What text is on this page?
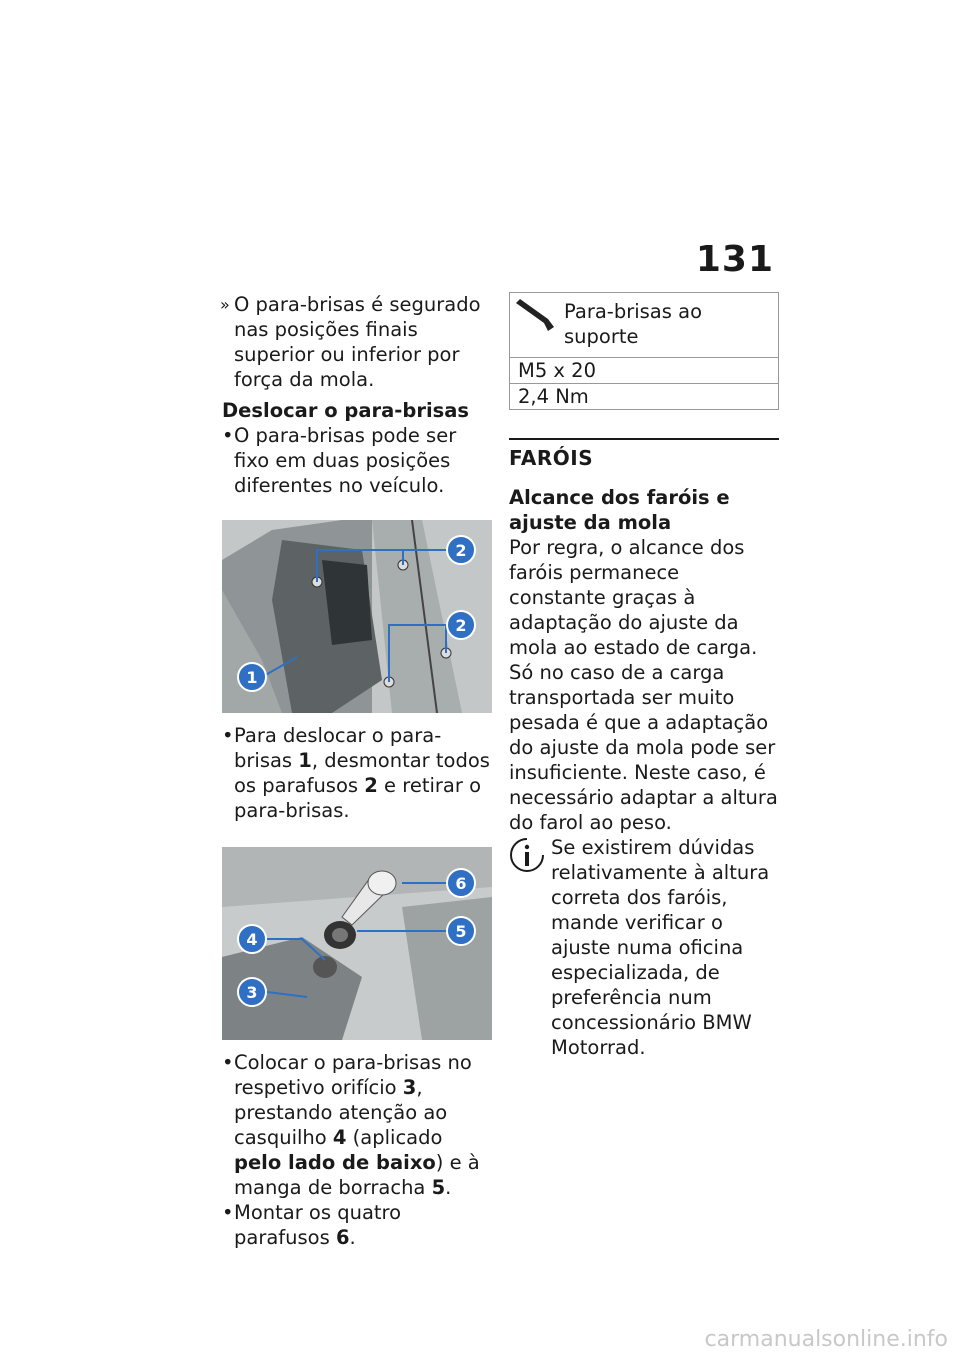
131

» O para-brisas é segurado nas posições finais superior ou inferior por força da mola.

Deslocar o para-brisas

• O para-brisas pode ser fixo em duas posições diferentes no veículo.

1
2
2

• Para deslocar o para-brisas 1, desmontar todos os parafusos 2 e retirar o para-brisas.

3
4	5
6

• Colocar o para-brisas no respetivo orifício 3, prestando atenção ao casquilho 4 (aplicado pelo lado de baixo) e à manga de borracha 5.

• Montar os quatro parafusos 6.

Para-brisas ao suporte
M5 x 20
2,4 Nm

FARÓIS

Alcance dos faróis e ajuste da mola

Por regra, o alcance dos faróis permanece constante graças à adaptação do ajuste da mola ao estado de carga.

Só no caso de a carga transportada ser muito pesada é que a adaptação do ajuste da mola pode ser insuficiente. Neste caso, é necessário adaptar a altura do farol ao peso.

Se existirem dúvidas relativamente à altura correta dos faróis, mande verificar o ajuste numa oficina especializada, de preferência num concessionário BMW Motorrad.

carmanualsonline.info
